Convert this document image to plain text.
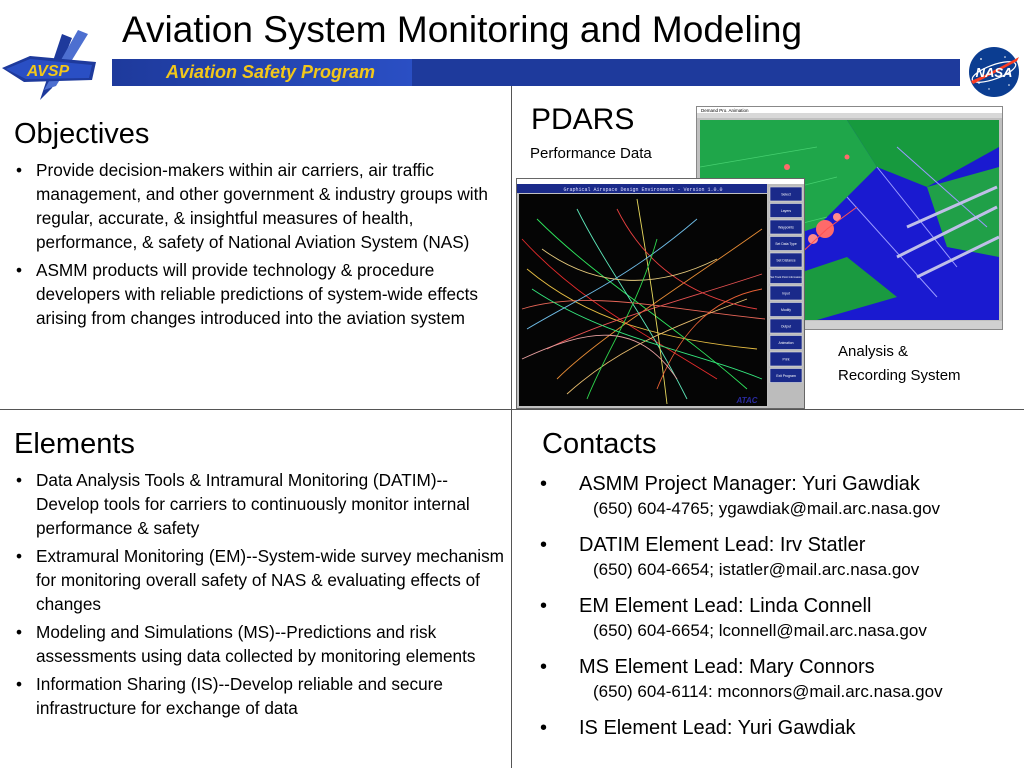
AVSP
Aviation System Monitoring and Modeling
Aviation Safety Program	NASA
Objectives
• Provide decision-makers within air carriers, air traffic management, and other government & industry groups with regular, accurate, & insightful measures of health, performance, & safety of National Aviation System (NAS)
• ASMM products will provide technology & procedure developers with reliable predictions of system-wide effects arising from changes introduced into the aviation system
PDARS
Performance Data
Analysis &
Recording System
Demand Pro. Animation
Graphical Airspace Design Environment - Version 1.0.0
Select
Layers
Waypoints
Set Data Type
Set Distance
Set Track Point Information
Input
Modify
Output
Animation
Print
Exit Program
ATAC
Elements
• Data Analysis Tools & Intramural Monitoring (DATIM)--Develop tools for carriers to continuously monitor internal performance & safety
• Extramural Monitoring (EM)--System-wide survey mechanism for monitoring overall safety of NAS & evaluating effects of changes
• Modeling and Simulations (MS)--Predictions and risk assessments using data collected by monitoring elements
• Information Sharing (IS)--Develop reliable and secure infrastructure for exchange of data
Contacts
• ASMM Project Manager: Yuri Gawdiak
(650) 604-4765; ygawdiak@mail.arc.nasa.gov
• DATIM Element Lead: Irv Statler
(650) 604-6654; istatler@mail.arc.nasa.gov
• EM Element Lead: Linda Connell
(650) 604-6654; lconnell@mail.arc.nasa.gov
• MS Element Lead: Mary Connors
(650) 604-6114: mconnors@mail.arc.nasa.gov
• IS Element Lead: Yuri Gawdiak
